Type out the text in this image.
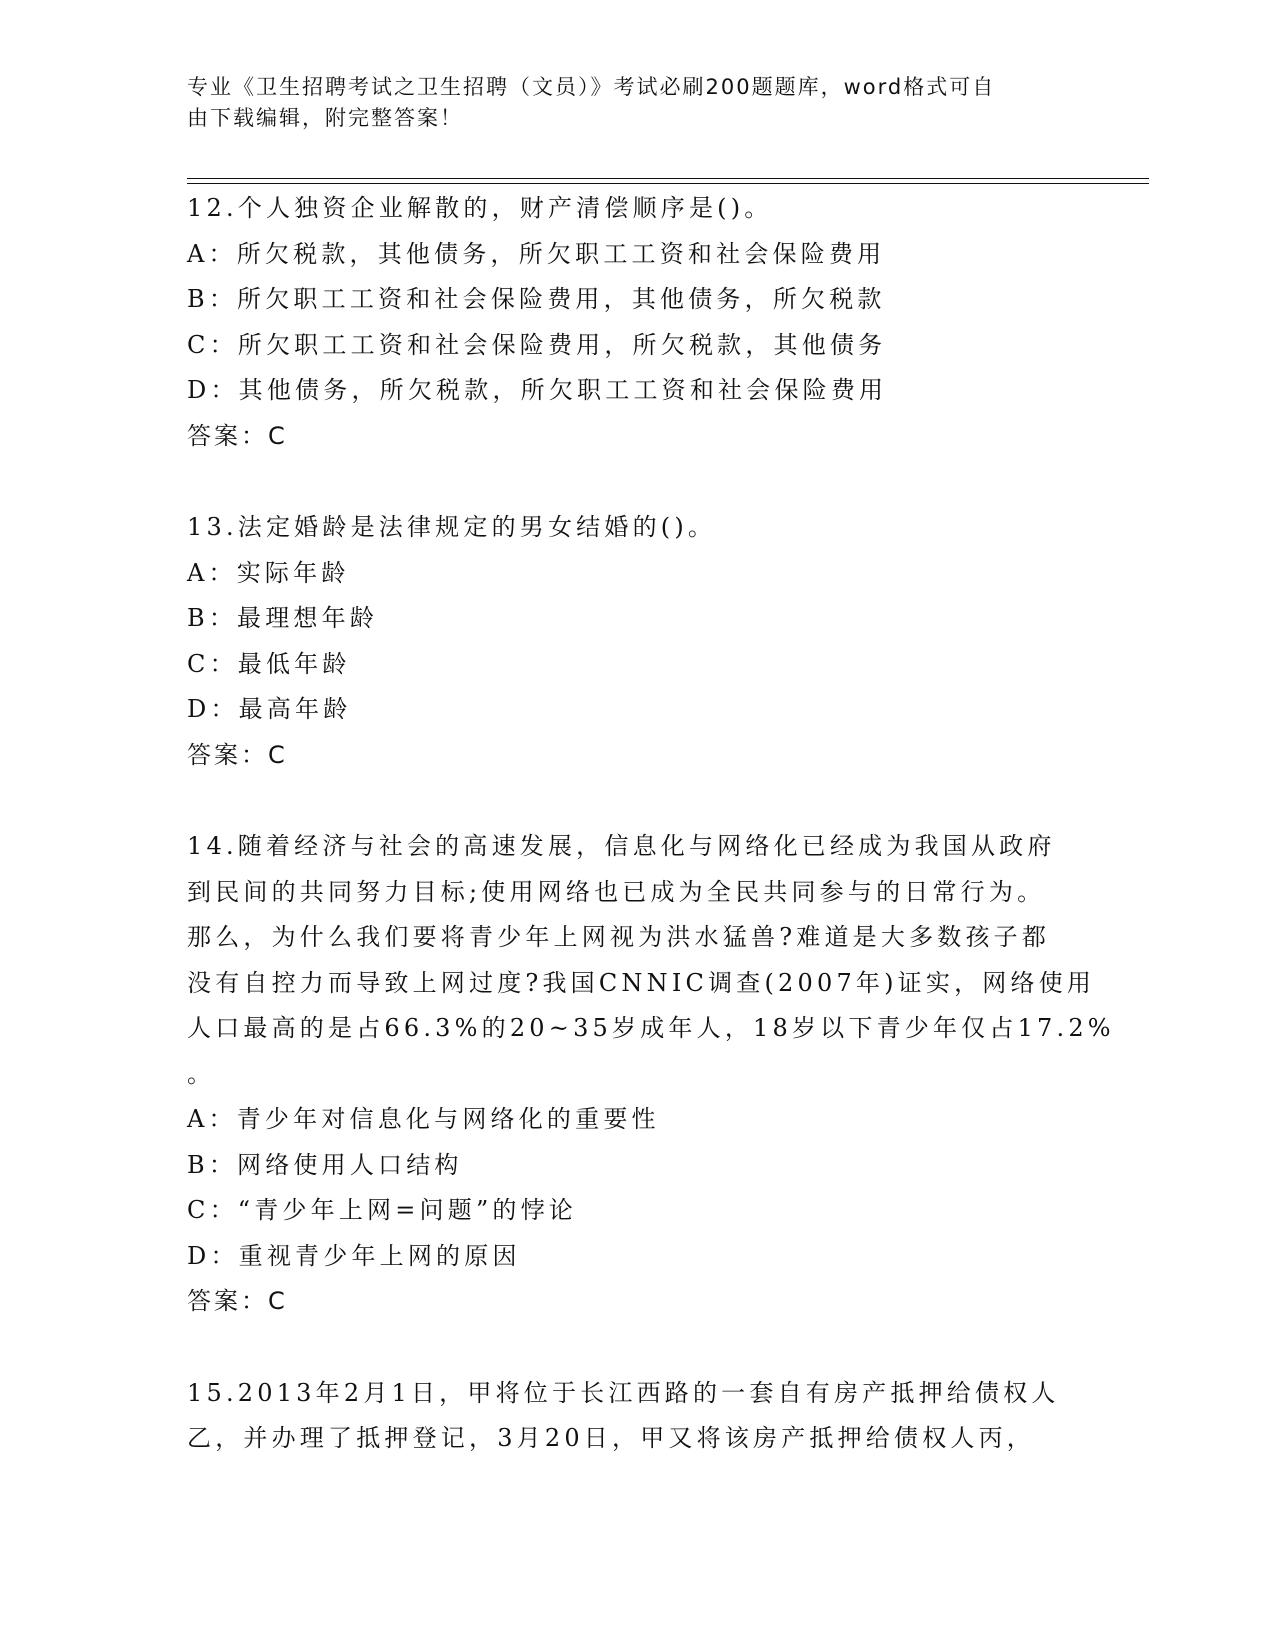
专业《卫生招聘考试之卫生招聘（文员）》考试必刷200题题库，word格式可自
由下载编辑，附完整答案！
12.个人独资企业解散的，财产清偿顺序是()。
A：所欠税款，其他债务，所欠职工工资和社会保险费用
B：所欠职工工资和社会保险费用，其他债务，所欠税款
C：所欠职工工资和社会保险费用，所欠税款，其他债务
D：其他债务，所欠税款，所欠职工工资和社会保险费用
答案：C
13.法定婚龄是法律规定的男女结婚的()。
A：实际年龄
B：最理想年龄
C：最低年龄
D：最高年龄
答案：C
14.随着经济与社会的高速发展，信息化与网络化已经成为我国从政府
到民间的共同努力目标;使用网络也已成为全民共同参与的日常行为。
那么，为什么我们要将青少年上网视为洪水猛兽?难道是大多数孩子都
没有自控力而导致上网过度?我国CNNIC调查(2007年)证实，网络使用
人口最高的是占66.3%的20~35岁成年人，18岁以下青少年仅占17.2%
。
A：青少年对信息化与网络化的重要性
B：网络使用人口结构
C：“青少年上网=问题”的悖论
D：重视青少年上网的原因
答案：C
15.2013年2月1日，甲将位于长江西路的一套自有房产抵押给债权人
乙，并办理了抵押登记，3月20日，甲又将该房产抵押给债权人丙，
